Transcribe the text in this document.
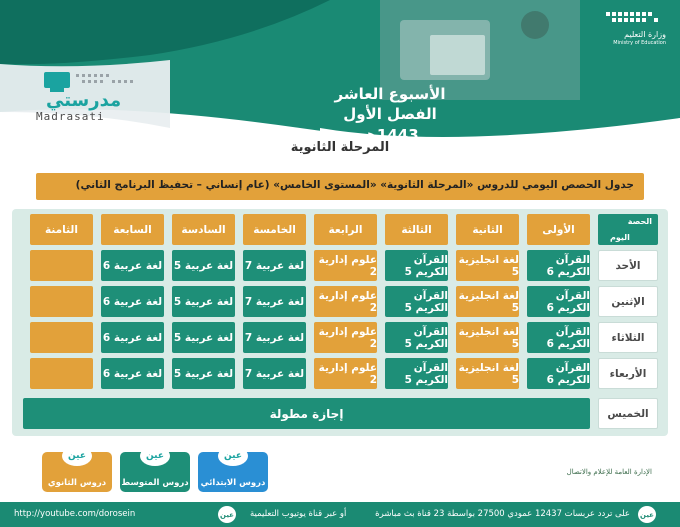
وزارة التعليم
Ministry of Education
الأسبوع العاشر
الفصل الأول 1443هـ
مدرستي
Madrasati
المرحلة الثانوية
جدول الحصص اليومي للدروس «المرحلة الثانوية» «المستوى الخامس» (عام إنساني – تحفيظ البرنامج الثاني)
الحصة
اليوم
الأولى
الثانية
الثالثة
الرابعة
الخامسة
السادسة
السابعة
الثامنة
الأحد
القرآن الكريم 6
لغة انجليزية 5
القرآن الكريم 5
علوم إدارية 2
لغة عربية 7
لغة عربية 5
لغة عربية 6
الإثنين
القرآن الكريم 6
لغة انجليزية 5
القرآن الكريم 5
علوم إدارية 2
لغة عربية 7
لغة عربية 5
لغة عربية 6
الثلاثاء
القرآن الكريم 6
لغة انجليزية 5
القرآن الكريم 5
علوم إدارية 2
لغة عربية 7
لغة عربية 5
لغة عربية 6
الأربعاء
القرآن الكريم 6
لغة انجليزية 5
القرآن الكريم 5
علوم إدارية 2
لغة عربية 7
لغة عربية 5
لغة عربية 6
الخميس
إجازة مطولة
عين
دروس الابتدائي
عين
دروس المتوسط
عين
دروس الثانوي
الإدارة العامة للإعلام والاتصال
http://youtube.com/dorosein	عين أو عبر قناة يوتيوب التعليمية	على تردد عربسات 12437 عمودي 27500 بواسطة 23 قناة بث مباشرة عين
